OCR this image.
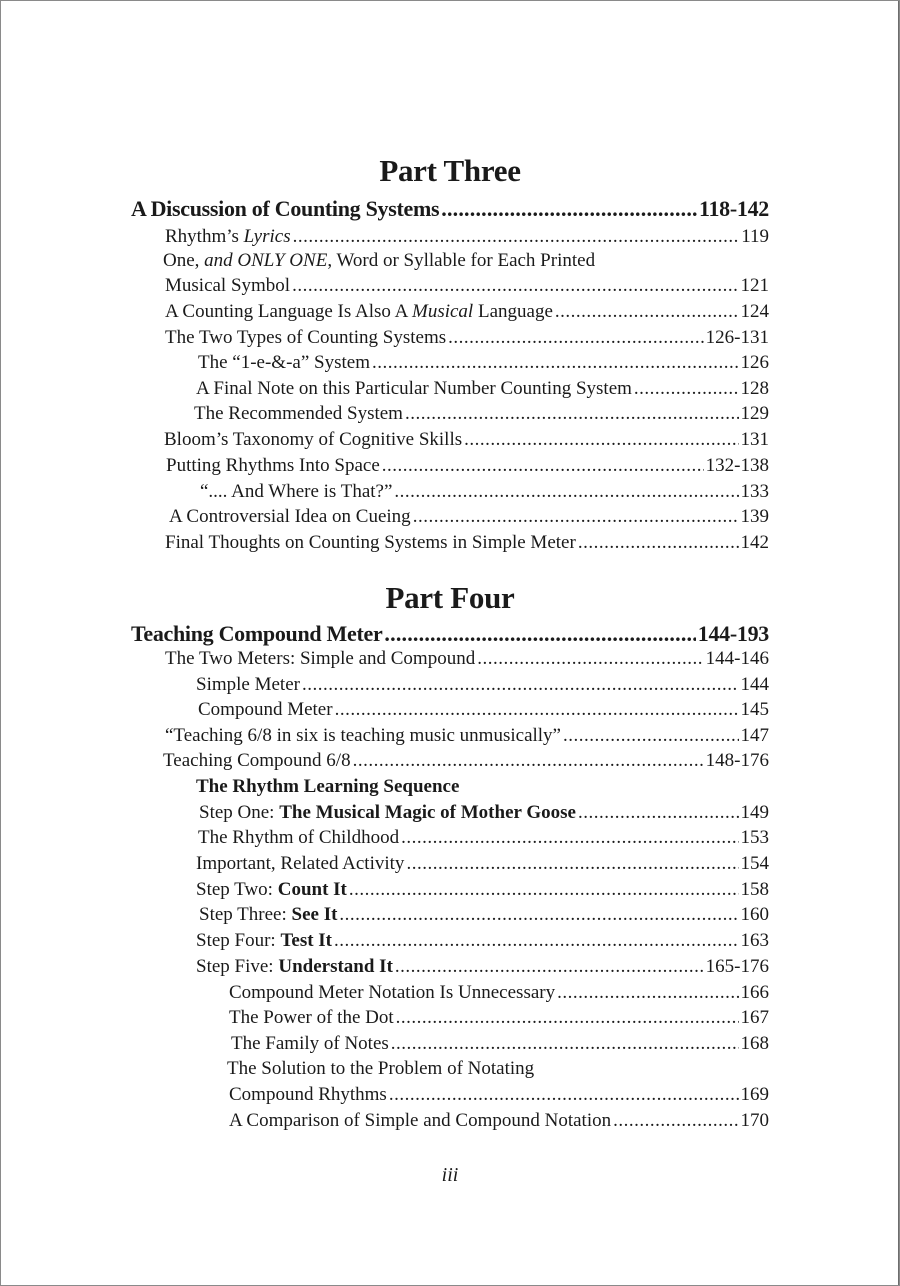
Part Three
A Discussion of Counting Systems .....	118-142
Rhythm’s Lyrics .....	119
One, and ONLY ONE, Word or Syllable for Each Printed
Musical Symbol .....	121
A Counting Language Is Also A Musical Language .....	124
The Two Types of Counting Systems .....	126-131
The “1-e-&-a” System .....	126
A Final Note on this Particular Number Counting System .....	128
The Recommended System .....	129
Bloom’s Taxonomy of Cognitive Skills .....	131
Putting Rhythms Into Space .....	132-138
“.... And Where is That?” .....	133
A Controversial Idea on Cueing .....	139
Final Thoughts on Counting Systems in Simple Meter .....	142
Part Four
Teaching Compound Meter .....	144-193
The Two Meters: Simple and Compound .....	144-146
Simple Meter .....	144
Compound Meter .....	145
“Teaching 6/8 in six is teaching music unmusically” .....	147
Teaching Compound 6/8 .....	148-176
The Rhythm Learning Sequence
Step One: The Musical Magic of Mother Goose .....	149
The Rhythm of Childhood .....	153
Important, Related Activity .....	154
Step Two: Count It .....	158
Step Three: See It .....	160
Step Four: Test It .....	163
Step Five: Understand It .....	165-176
Compound Meter Notation Is Unnecessary .....	166
The Power of the Dot .....	167
The Family of Notes .....	168
The Solution to the Problem of Notating
Compound Rhythms .....	169
A Comparison of Simple and Compound Notation .....	170
iii
